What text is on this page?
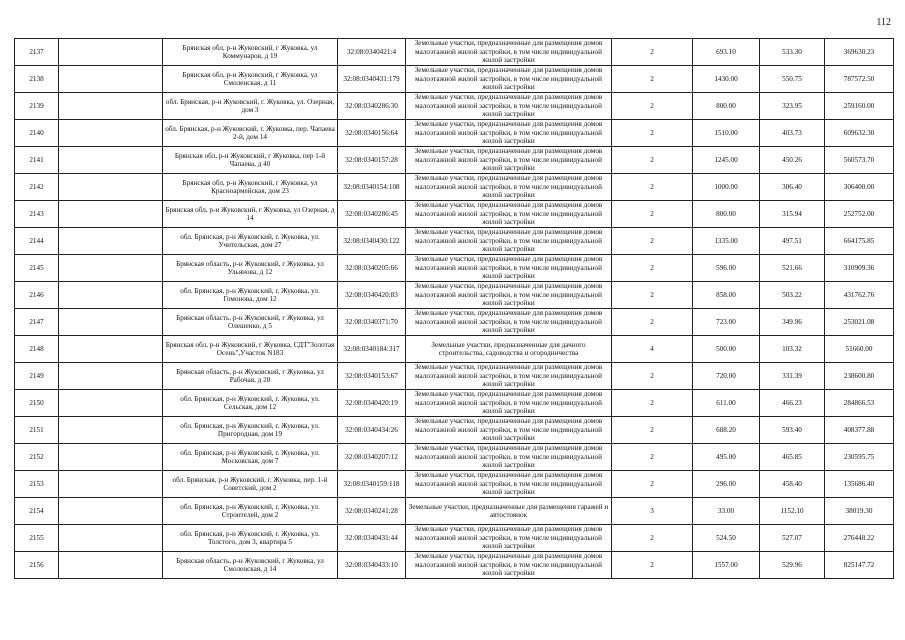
112
2137		Брянская обл, р-н Жуковский, г Жуковка, ул Коммунаров, д 19	32:08:0340421:4	Земельные участки, предназначенные для размещения домов малоэтажной жилой застройки, в том числе индивидуальной жилой застройки	2	693.10	533.30	369630.23
2138		Брянская обл, р-н Жуковский, г Жуковка, ул Смоленская, д 11	32:08:0340431:179	Земельные участки, предназначенные для размещения домов малоэтажной жилой застройки, в том числе индивидуальной жилой застройки	2	1430.00	550.75	787572.50
2139		обл. Брянская, р-н Жуковский, г. Жуковка, ул. Озерная, дом 3	32:08:0340286:30	Земельные участки, предназначенные для размещения домов малоэтажной жилой застройки, в том числе индивидуальной жилой застройки	2	800.00	323.95	259160.00
2140		обл. Брянская, р-н Жуковский, г. Жуковка, пер. Чапаева 2-й, дом 14	32:08:0340156:64	Земельные участки, предназначенные для размещения домов малоэтажной жилой застройки, в том числе индивидуальной жилой застройки	2	1510.00	403.73	609632.30
2141		Брянская обл, р-н Жуковский, г Жуковка, пер 1-й Чапаева, д 40	32:08:0340157:28	Земельные участки, предназначенные для размещения домов малоэтажной жилой застройки, в том числе индивидуальной жилой застройки	2	1245.00	450.26	560573.70
2142		Брянская обл, р-н Жуковский, г Жуковка, ул Красноармейская, дом 23	32:08:0340154:108	Земельные участки, предназначенные для размещения домов малоэтажной жилой застройки, в том числе индивидуальной жилой застройки	2	1000.00	306.40	306400.00
2143		Брянская обл, р-н Жуковский, г Жуковка, ул Озерная, д 14	32:08:0340286:45	Земельные участки, предназначенные для размещения домов малоэтажной жилой застройки, в том числе индивидуальной жилой застройки	2	800.00	315.94	252752.00
2144		обл. Брянская, р-н Жуковский, г. Жуковка, ул. Учительская, дом 27	32:08:0340430:122	Земельные участки, предназначенные для размещения домов малоэтажной жилой застройки, в том числе индивидуальной жилой застройки	2	1335.00	497.51	664175.85
2145		Брянская область, р-н Жуковский, г Жуковка, ул Ульянова, д 12	32:08:0340205:66	Земельные участки, предназначенные для размещения домов малоэтажной жилой застройки, в том числе индивидуальной жилой застройки	2	596.00	521.66	310909.36
2146		обл. Брянская, р-н Жуковский, г. Жуковка, ул. Гомонова, дом 12	32:08:0340420:83	Земельные участки, предназначенные для размещения домов малоэтажной жилой застройки, в том числе индивидуальной жилой застройки	2	858.00	503.22	431762.76
2147		Брянская область, р-н Жуковский, г Жуковка, ул Олешенко, д 5	32:08:0340371:70	Земельные участки, предназначенные для размещения домов малоэтажной жилой застройки, в том числе индивидуальной жилой застройки	2	723.00	349.96	253021.08
2148		Брянская обл, р-н Жуковский, г Жуковка, СДТ"Золотая Осень",Участок N183	32:08:0340184:317	Земельные участки, предназначенные для дачного строительства, садоводства и огородничества	4	500.00	103.32	51660.00
2149		Брянская область, р-н Жуковский, г Жуковка, ул Рабочая, д 28	32:08:0340153:67	Земельные участки, предназначенные для размещения домов малоэтажной жилой застройки, в том числе индивидуальной жилой застройки	2	720.00	331.39	238600.80
2150		обл. Брянская, р-н Жуковский, г. Жуковка, ул. Сельская, дом 12	32:08:0340420:19	Земельные участки, предназначенные для размещения домов малоэтажной жилой застройки, в том числе индивидуальной жилой застройки	2	611.00	466.23	284866.53
2151		обл. Брянская, р-н Жуковский, г. Жуковка, ул. Пригородная, дом 19	32:08:0340434:26	Земельные участки, предназначенные для размещения домов малоэтажной жилой застройки, в том числе индивидуальной жилой застройки	2	688.20	593.40	408377.88
2152		обл. Брянская, р-н Жуковский, г. Жуковка, ул. Московская, дом 7	32:08:0340207:12	Земельные участки, предназначенные для размещения домов малоэтажной жилой застройки, в том числе индивидуальной жилой застройки	2	495.00	465.85	230595.75
2153		обл. Брянская, р-н Жуковский, г. Жуковка, пер. 1-й Советский, дом 2	32:08:0340159:118	Земельные участки, предназначенные для размещения домов малоэтажной жилой застройки, в том числе индивидуальной жилой застройки	2	296.00	458.40	135686.40
2154		обл. Брянская, р-н Жуковский, г. Жуковка, ул. Строителей, дом 2	32:08:0340241:28	Земельные участки, предназначенные для размещения гаражей и автостоянок	3	33.00	1152.10	38019.30
2155		обл. Брянская, р-н Жуковский, г. Жуковка, ул. Толстого, дом 3, квартира 5	32:08:0340431:44	Земельные участки, предназначенные для размещения домов малоэтажной жилой застройки, в том числе индивидуальной жилой застройки	2	524.50	527.07	276448.22
2156		Брянская область, р-н Жуковский, г Жуковка, ул Смоленская, д 14	32:08:0340433:10	Земельные участки, предназначенные для размещения домов малоэтажной жилой застройки, в том числе индивидуальной жилой застройки	2	1557.00	529.96	825147.72
